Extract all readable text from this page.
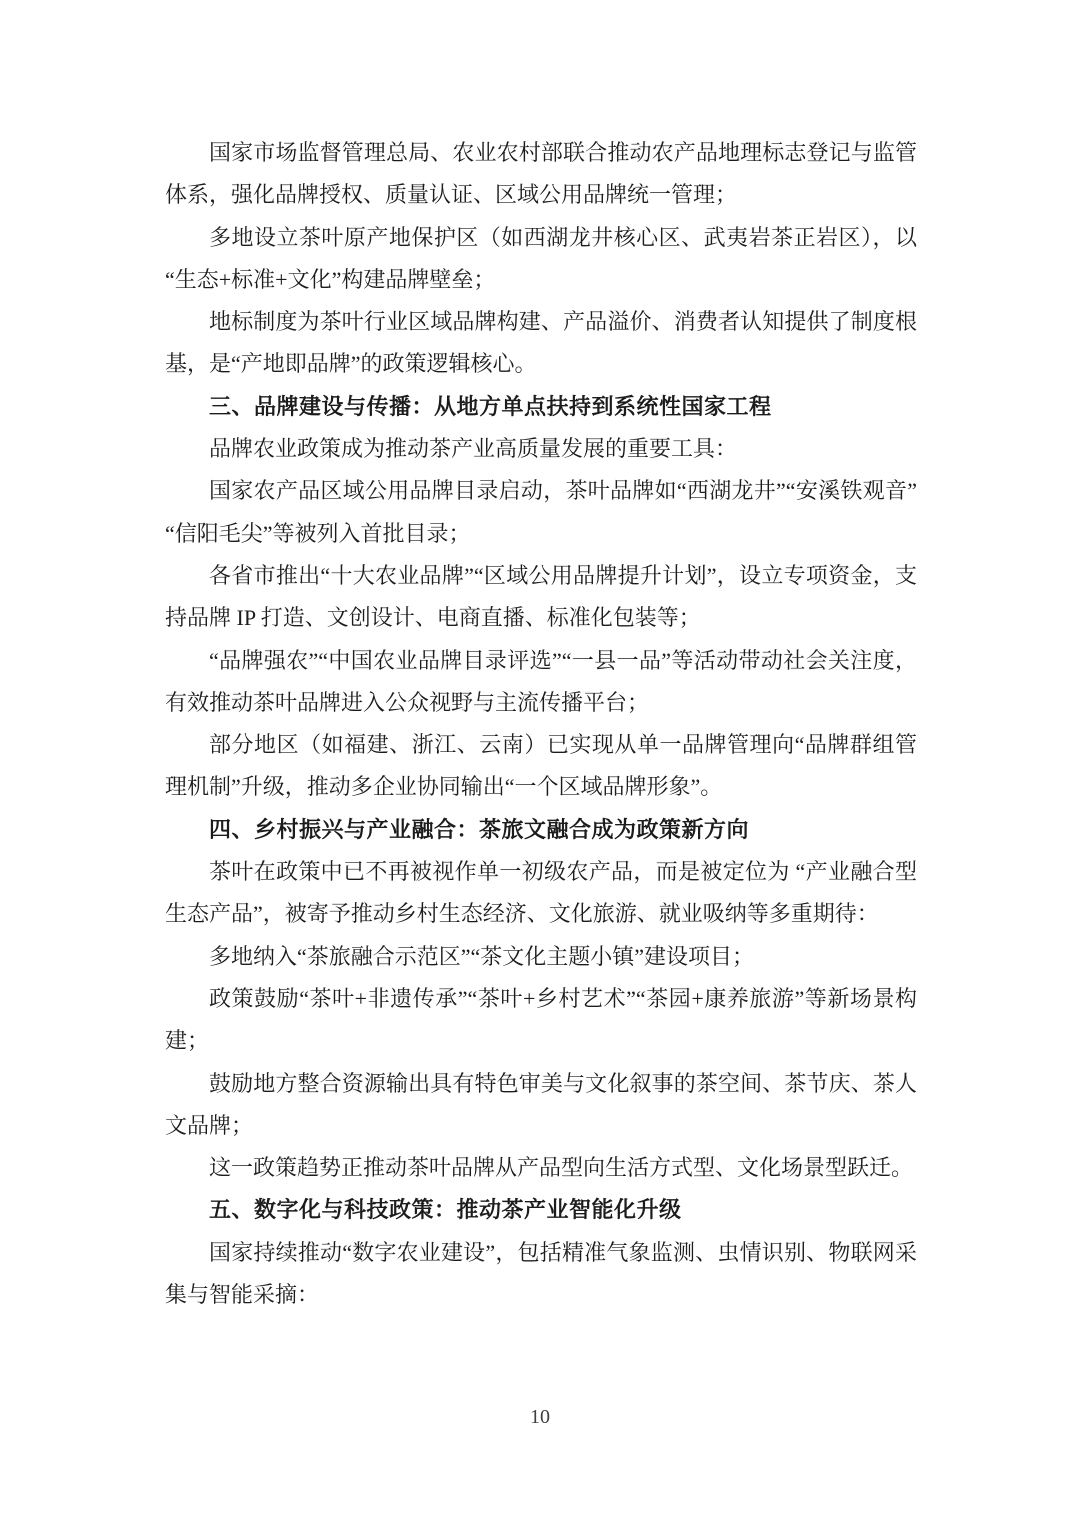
国家市场监督管理总局、农业农村部联合推动农产品地理标志登记与监管体系，强化品牌授权、质量认证、区域公用品牌统一管理；

多地设立茶叶原产地保护区（如西湖龙井核心区、武夷岩茶正岩区），以“生态+标准+文化”构建品牌壁垒；

地标制度为茶叶行业区域品牌构建、产品溢价、消费者认知提供了制度根基，是“产地即品牌”的政策逻辑核心。

三、品牌建设与传播：从地方单点扶持到系统性国家工程

品牌农业政策成为推动茶产业高质量发展的重要工具：

国家农产品区域公用品牌目录启动，茶叶品牌如“西湖龙井”“安溪铁观音”“信阳毛尖”等被列入首批目录；

各省市推出“十大农业品牌”“区域公用品牌提升计划”，设立专项资金，支持品牌 IP 打造、文创设计、电商直播、标准化包装等；

“品牌强农”“中国农业品牌目录评选”“一县一品”等活动带动社会关注度，有效推动茶叶品牌进入公众视野与主流传播平台；

部分地区（如福建、浙江、云南）已实现从单一品牌管理向“品牌群组管理机制”升级，推动多企业协同输出“一个区域品牌形象”。

四、乡村振兴与产业融合：茶旅文融合成为政策新方向

茶叶在政策中已不再被视作单一初级农产品，而是被定位为 “产业融合型生态产品”，被寄予推动乡村生态经济、文化旅游、就业吸纳等多重期待：

多地纳入“茶旅融合示范区”“茶文化主题小镇”建设项目；

政策鼓励“茶叶+非遗传承”“茶叶+乡村艺术”“茶园+康养旅游”等新场景构建；

鼓励地方整合资源输出具有特色审美与文化叙事的茶空间、茶节庆、茶人文品牌；

这一政策趋势正推动茶叶品牌从产品型向生活方式型、文化场景型跃迁。

五、数字化与科技政策：推动茶产业智能化升级

国家持续推动“数字农业建设”，包括精准气象监测、虫情识别、物联网采集与智能采摘：

10
